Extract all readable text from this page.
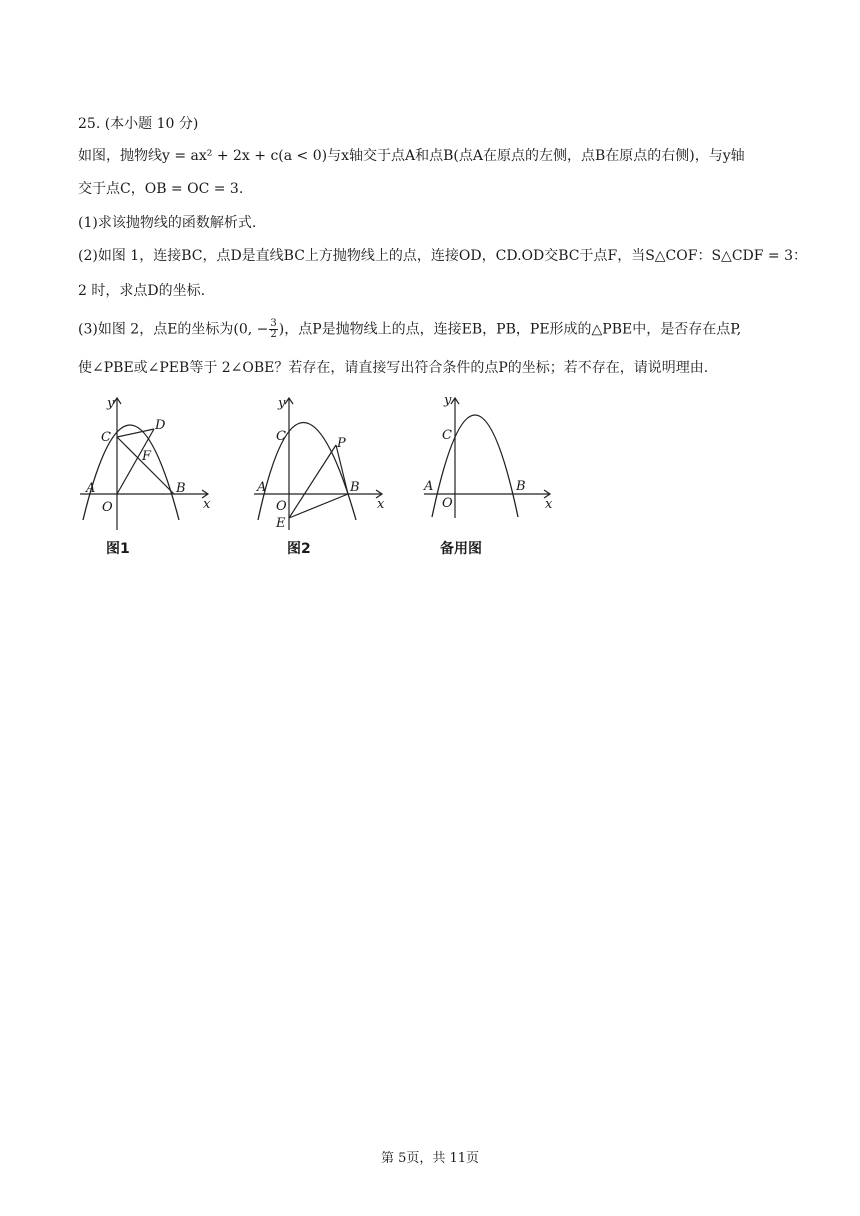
25. (本小题 10 分)
如图，抛物线y = ax² + 2x + c(a < 0)与x轴交于点A和点B(点A在原点的左侧，点B在原点的右侧)，与y轴
交于点C，OB = OC = 3.
(1)求该抛物线的函数解析式.
(2)如图 1，连接BC，点D是直线BC上方抛物线上的点，连接OD，CD.OD交BC于点F，当S△COF：S△CDF = 3：
2 时，求点D的坐标.
(3)如图 2，点E的坐标为(0, − $\frac{3}{2}$ )，点P是抛物线上的点，连接EB，PB，PE形成的△PBE中，是否存在点P,
使∠PBE或∠PEB等于 2∠OBE？若存在，请直接写出符合条件的点P的坐标；若不存在，请说明理由.
y
x
A
O
B
C
D
F
图1
y
x
A
O
B
C	P
E
图2
y
x
A
O
B
C
备用图
第 5页，共 11页
